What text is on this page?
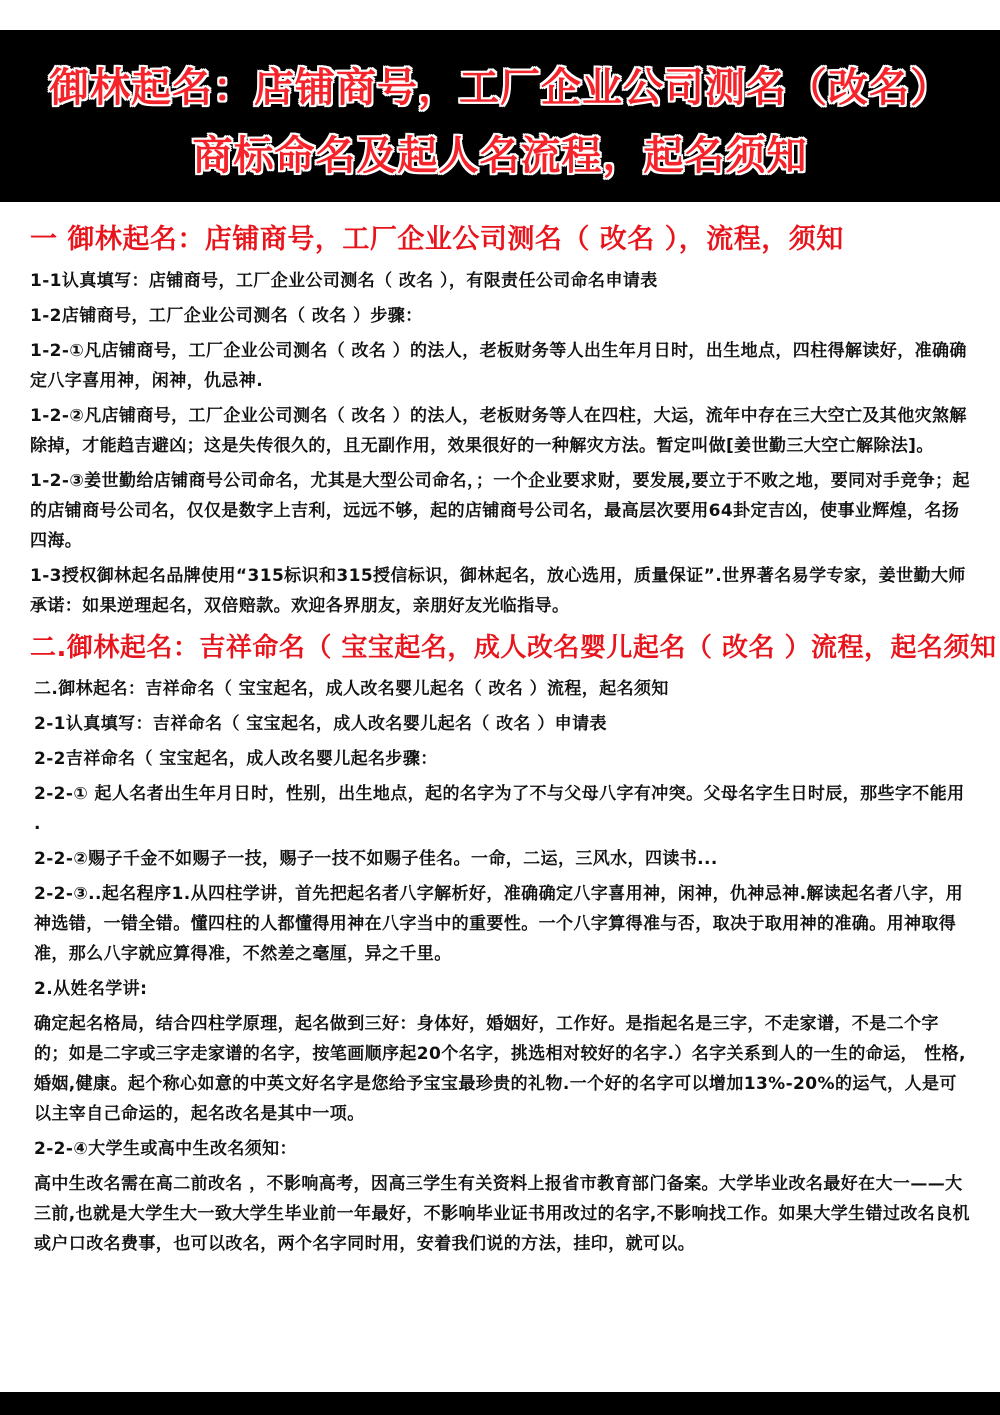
御林起名：店铺商号，工厂企业公司测名（改名）
商标命名及起人名流程，起名须知
一 御林起名：店铺商号，工厂企业公司测名（ 改名 ），流程，须知

1-1认真填写：店铺商号，工厂企业公司测名（ 改名 ），有限责任公司命名申请表

1-2店铺商号，工厂企业公司测名（ 改名 ）步骤：

1-2-①凡店铺商号，工厂企业公司测名（ 改名 ）的法人，老板财务等人出生年月日时，出生地点，四柱得解读好，准确确定八字喜用神，闲神，仇忌神.

1-2-②凡店铺商号，工厂企业公司测名（ 改名 ）的法人，老板财务等人在四柱，大运，流年中存在三大空亡及其他灾煞解除掉，才能趋吉避凶；这是失传很久的，且无副作用，效果很好的一种解灾方法。暂定叫做[姜世勤三大空亡解除法]。

1-2-③姜世勤给店铺商号公司命名，尤其是大型公司命名，；一个企业要求财，要发展,要立于不败之地，要同对手竞争；起的店铺商号公司名，仅仅是数字上吉利，远远不够，起的店铺商号公司名，最高层次要用64卦定吉凶，使事业辉煌，名扬四海。

1-3授权御林起名品牌使用“315标识和315授信标识，御林起名，放心选用，质量保证”.世界著名易学专家，姜世勤大师承诺：如果逆理起名，双倍赔款。欢迎各界朋友，亲朋好友光临指导。

二.御林起名：吉祥命名（ 宝宝起名，成人改名婴儿起名（ 改名 ）流程，起名须知

二.御林起名：吉祥命名（ 宝宝起名，成人改名婴儿起名（ 改名 ）流程，起名须知

2-1认真填写：吉祥命名（ 宝宝起名，成人改名婴儿起名（ 改名 ）申请表

2-2吉祥命名（ 宝宝起名，成人改名婴儿起名步骤：

2-2-① 起人名者出生年月日时，性别，出生地点，起的名字为了不与父母八字有冲突。父母名字生日时辰，那些字不能用 .

2-2-②赐子千金不如赐子一技，赐子一技不如赐子佳名。一命，二运，三风水，四读书...

2-2-③..起名程序1.从四柱学讲，首先把起名者八字解析好，准确确定八字喜用神，闲神，仇神忌神.解读起名者八字，用神选错，一错全错。懂四柱的人都懂得用神在八字当中的重要性。一个八字算得准与否，取决于取用神的准确。用神取得准，那么八字就应算得准，不然差之毫厘，异之千里。

2.从姓名学讲:

确定起名格局，结合四柱学原理，起名做到三好：身体好，婚姻好，工作好。是指起名是三字，不走家谱，不是二个字的；如是二字或三字走家谱的名字，按笔画顺序起20个名字，挑选相对较好的名字.）名字关系到人的一生的命运， 性格,婚姻,健康。起个称心如意的中英文好名字是您给予宝宝最珍贵的礼物.一个好的名字可以增加13%-20%的运气，人是可以主宰自己命运的，起名改名是其中一项。

2-2-④大学生或高中生改名须知：

高中生改名需在高二前改名 ，不影响高考，因高三学生有关资料上报省市教育部门备案。大学毕业改名最好在大一——大三前,也就是大学生大一致大学生毕业前一年最好，不影响毕业证书用改过的名字,不影响找工作。如果大学生错过改名良机或户口改名费事，也可以改名，两个名字同时用，安着我们说的方法，挂印，就可以。
